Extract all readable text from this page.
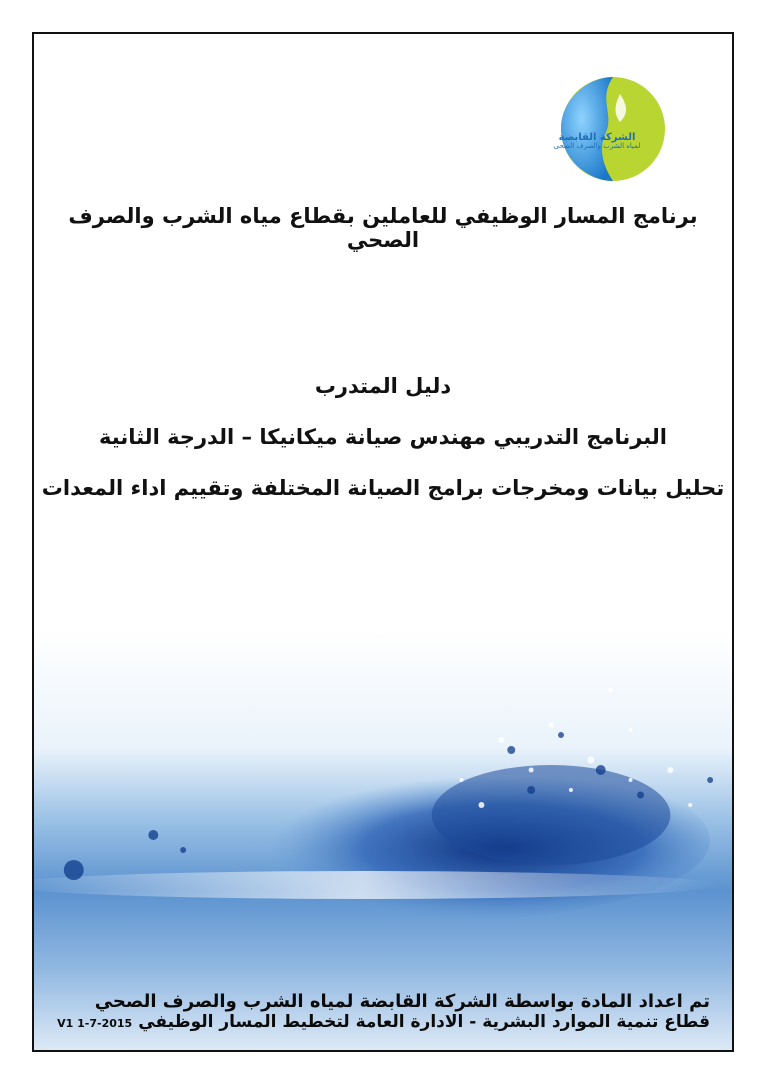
الشركة القابضة
لمياه الشرب والصرف الصحى
برنامج المسار الوظيفي للعاملين بقطاع مياه الشرب والصرف الصحي
دليل المتدرب
البرنامج التدريبي مهندس صيانة ميكانيكا – الدرجة الثانية
تحليل بيانات ومخرجات برامج الصيانة المختلفة وتقييم اداء المعدات
تم اعداد المادة بواسطة الشركة القابضة لمياه الشرب والصرف الصحي
قطاع تنمية الموارد البشرية - الادارة العامة لتخطيط المسار الوظيفيV1 1-7-2015
